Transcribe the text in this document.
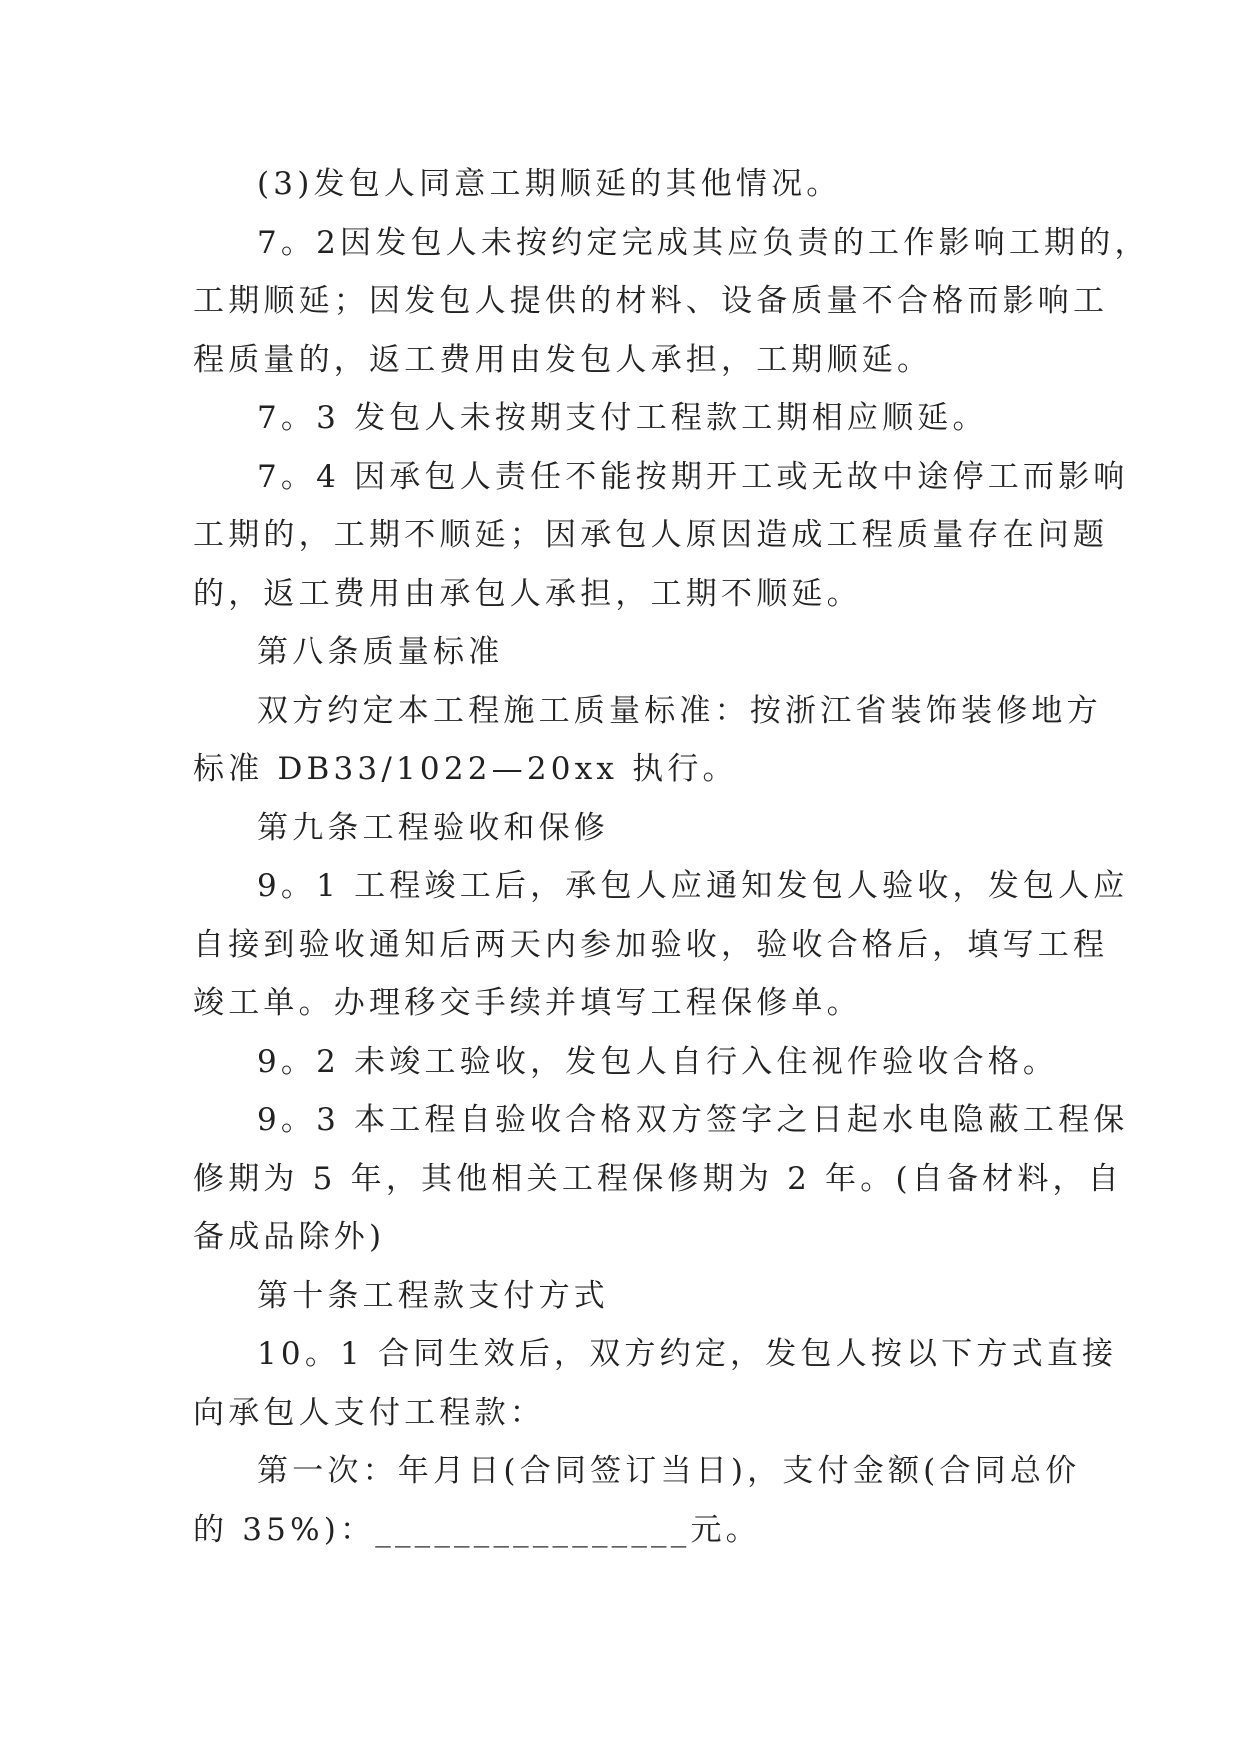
(3)发包人同意工期顺延的其他情况。
7。2因发包人未按约定完成其应负责的工作影响工期的，
工期顺延；因发包人提供的材料、设备质量不合格而影响工
程质量的，返工费用由发包人承担，工期顺延。
7。3 发包人未按期支付工程款工期相应顺延。
7。4 因承包人责任不能按期开工或无故中途停工而影响
工期的，工期不顺延；因承包人原因造成工程质量存在问题
的，返工费用由承包人承担，工期不顺延。
第八条质量标准
双方约定本工程施工质量标准：按浙江省装饰装修地方
标准 DB33/1022—20xx 执行。
第九条工程验收和保修
9。1 工程竣工后，承包人应通知发包人验收，发包人应
自接到验收通知后两天内参加验收，验收合格后，填写工程
竣工单。办理移交手续并填写工程保修单。
9。2 未竣工验收，发包人自行入住视作验收合格。
9。3 本工程自验收合格双方签字之日起水电隐蔽工程保
修期为 5 年，其他相关工程保修期为 2 年。(自备材料，自
备成品除外)
第十条工程款支付方式
10。1 合同生效后，双方约定，发包人按以下方式直接
向承包人支付工程款：
第一次：年月日(合同签订当日)，支付金额(合同总价
的 35%)：________________元。
